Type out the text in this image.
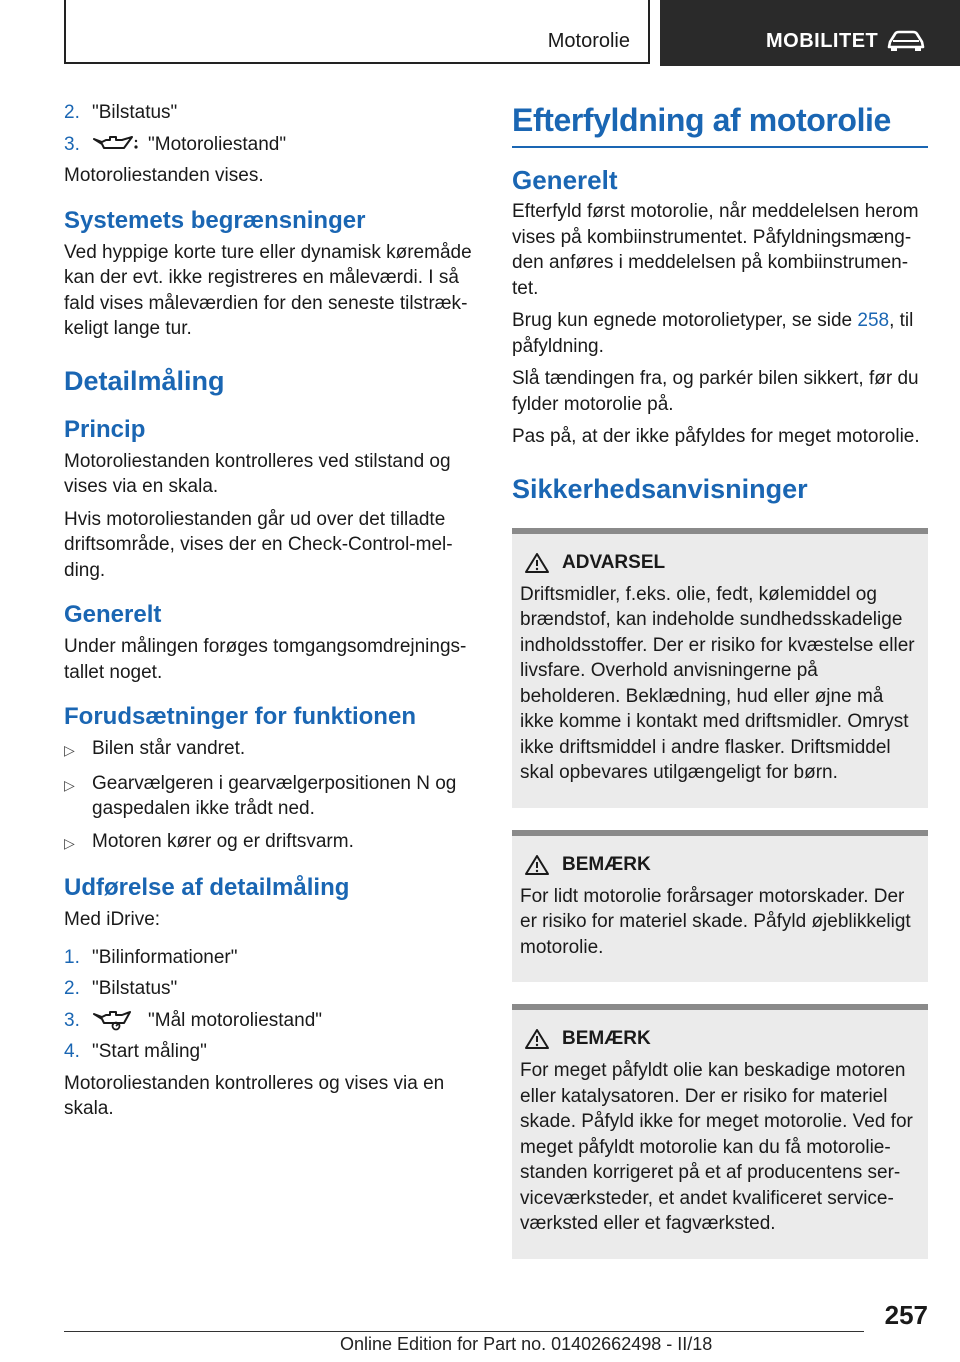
Motorolie	MOBILITET
2. "Bilstatus"
3.	"Motoroliestand"

Motoroliestanden vises.

Systemets begrænsninger

Ved hyppige korte ture eller dynamisk køremåde kan der evt. ikke registreres en måleværdi. I så fald vises måleværdien for den seneste tilstrækkeligt lange tur.

Detailmåling
Princip

Motoroliestanden kontrolleres ved stilstand og vises via en skala.

Hvis motoroliestanden går ud over det tilladte driftsområde, vises der en Check-Control-melding.

Generelt

Under målingen forøges tomgangsomdrejningstallet noget.

Forudsætninger for funktionen
▷ Bilen står vandret.
▷ Gearvælgeren i gearvælgerpositionen N og gaspedalen ikke trådt ned.
▷ Motoren kører og er driftsvarm.
Udførelse af detailmåling

Med iDrive:

1. "Bilinformationer"
2. "Bilstatus"
3.	"Mål motoroliestand"
4. "Start måling"

Motoroliestanden kontrolleres og vises via en skala.

Efterfyldning af motorolie
Generelt

Efterfyld først motorolie, når meddelelsen herom vises på kombiinstrumentet. Påfyldningsmængden anføres i meddelelsen på kombiinstrumentet.

Brug kun egnede motorolietyper, se side 258, til påfyldning.

Slå tændingen fra, og parkér bilen sikkert, før du fylder motorolie på.

Pas på, at der ikke påfyldes for meget motorolie.

Sikkerhedsanvisninger
ADVARSEL

Driftsmidler, f.eks. olie, fedt, kølemiddel og brændstof, kan indeholde sundhedsskadelige indholdsstoffer. Der er risiko for kvæstelse eller livsfare. Overhold anvisningerne på beholderen. Beklædning, hud eller øjne må ikke komme i kontakt med driftsmidler. Omryst ikke driftsmiddel i andre flasker. Driftsmiddel skal opbevares utilgængeligt for børn.

BEMÆRK

For lidt motorolie forårsager motorskader. Der er risiko for materiel skade. Påfyld øjeblikkeligt motorolie.

BEMÆRK

For meget påfyldt olie kan beskadige motoren eller katalysatoren. Der er risiko for materiel skade. Påfyld ikke for meget motorolie. Ved for meget påfyldt motorolie kan du få motoroliestanden korrigeret på et af producentens serviceværksteder, et andet kvalificeret serviceværksted eller et fagværksted.

257
Online Edition for Part no. 01402662498 - II/18
